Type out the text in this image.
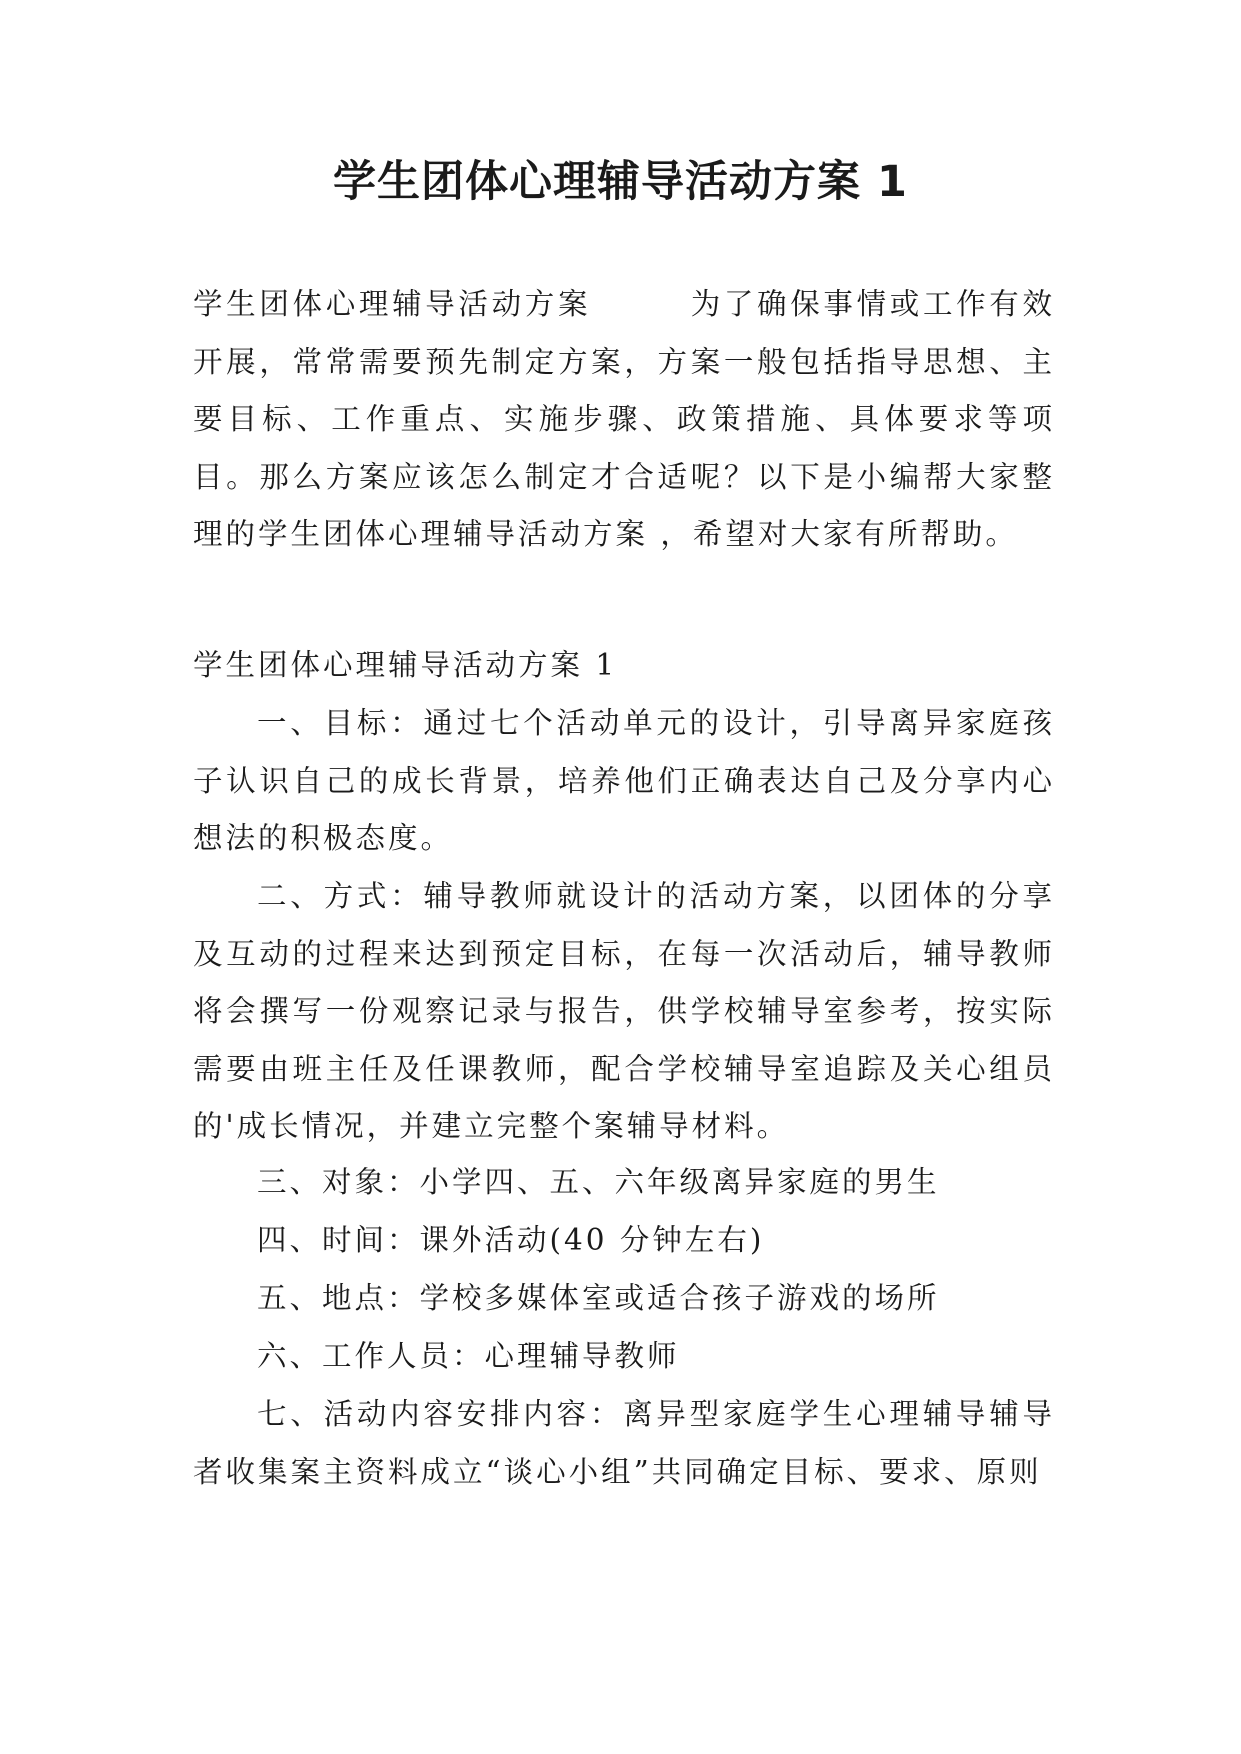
学生团体心理辅导活动方案 1

学生团体心理辅导活动方案　　　为了确保事情或工作有效开展，常常需要预先制定方案，方案一般包括指导思想、主要目标、工作重点、实施步骤、政策措施、具体要求等项目。那么方案应该怎么制定才合适呢？以下是小编帮大家整理的学生团体心理辅导活动方案 ，希望对大家有所帮助。

学生团体心理辅导活动方案 1

一、目标：通过七个活动单元的设计，引导离异家庭孩子认识自己的成长背景，培养他们正确表达自己及分享内心想法的积极态度。

二、方式：辅导教师就设计的活动方案，以团体的分享及互动的过程来达到预定目标，在每一次活动后，辅导教师将会撰写一份观察记录与报告，供学校辅导室参考，按实际需要由班主任及任课教师，配合学校辅导室追踪及关心组员的'成长情况，并建立完整个案辅导材料。

三、对象：小学四、五、六年级离异家庭的男生

四、时间：课外活动(40 分钟左右)

五、地点：学校多媒体室或适合孩子游戏的场所

六、工作人员：心理辅导教师

七、活动内容安排内容：离异型家庭学生心理辅导辅导者收集案主资料成立“谈心小组”共同确定目标、要求、原则
